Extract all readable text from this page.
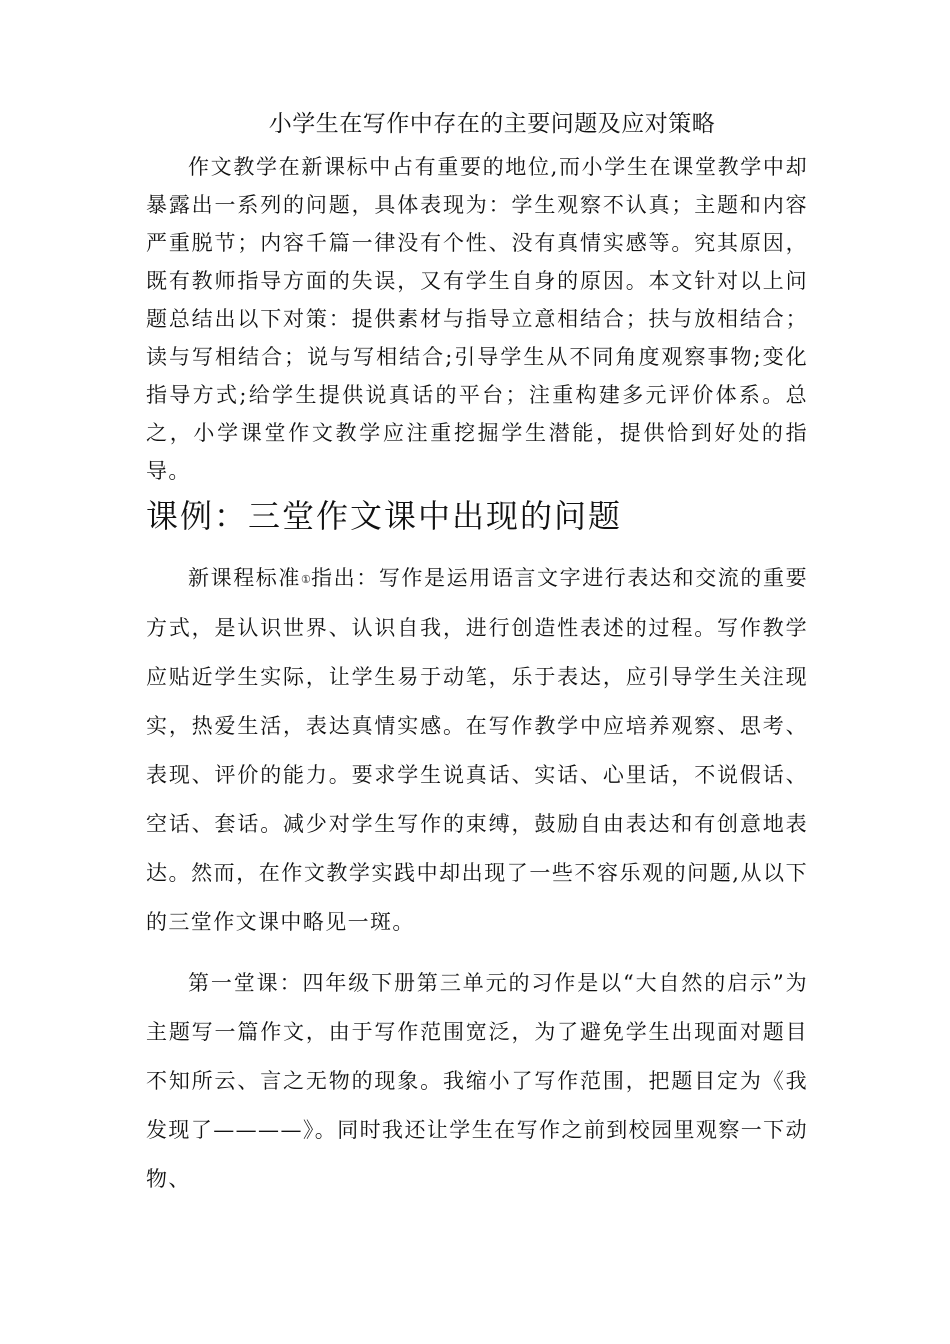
小学生在写作中存在的主要问题及应对策略

作文教学在新课标中占有重要的地位,而小学生在课堂教学中却暴露出一系列的问题，具体表现为：学生观察不认真；主题和内容严重脱节；内容千篇一律没有个性、没有真情实感等。究其原因，既有教师指导方面的失误，又有学生自身的原因。本文针对以上问题总结出以下对策：提供素材与指导立意相结合；扶与放相结合；读与写相结合；说与写相结合;引导学生从不同角度观察事物;变化指导方式;给学生提供说真话的平台；注重构建多元评价体系。总之，小学课堂作文教学应注重挖掘学生潜能，提供恰到好处的指导。

课例：三堂作文课中出现的问题

新课程标准①指出：写作是运用语言文字进行表达和交流的重要方式，是认识世界、认识自我，进行创造性表述的过程。写作教学应贴近学生实际，让学生易于动笔，乐于表达，应引导学生关注现实，热爱生活，表达真情实感。在写作教学中应培养观察、思考、表现、评价的能力。要求学生说真话、实话、心里话，不说假话、空话、套话。减少对学生写作的束缚，鼓励自由表达和有创意地表达。然而，在作文教学实践中却出现了一些不容乐观的问题,从以下的三堂作文课中略见一斑。

第一堂课：四年级下册第三单元的习作是以“大自然的启示”为主题写一篇作文，由于写作范围宽泛，为了避免学生出现面对题目不知所云、言之无物的现象。我缩小了写作范围，把题目定为《我发现了————》。同时我还让学生在写作之前到校园里观察一下动物、
